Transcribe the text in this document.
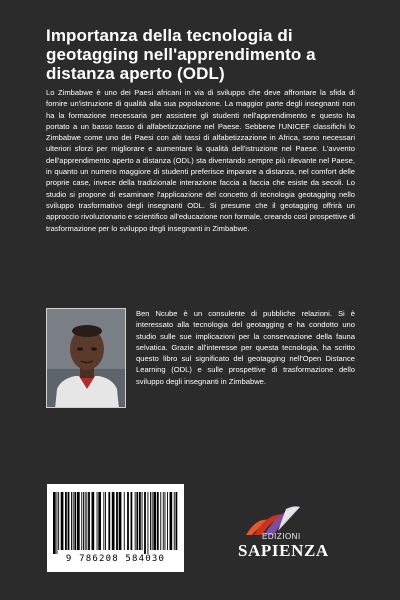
Importanza della tecnologia di geotagging nell'apprendimento a distanza aperto (ODL)

Lo Zimbabwe è uno dei Paesi africani in via di sviluppo che deve affrontare la sfida di fornire un'istruzione di qualità alla sua popolazione. La maggior parte degli insegnanti non ha la formazione necessaria per assistere gli studenti nell'apprendimento e questo ha portato a un basso tasso di alfabetizzazione nel Paese. Sebbene l'UNICEF classifichi lo Zimbabwe come uno dei Paesi con alti tassi di alfabetizzazione in Africa, sono necessari ulteriori sforzi per migliorare e aumentare la qualità dell'istruzione nel Paese. L'avvento dell'apprendimento aperto a distanza (ODL) sta diventando sempre più rilevante nel Paese, in quanto un numero maggiore di studenti preferisce imparare a distanza, nel comfort delle proprie case, invece della tradizionale interazione faccia a faccia che esiste da secoli. Lo studio si propone di esaminare l'applicazione del concetto di tecnologia geotagging nello sviluppo trasformativo degli insegnanti ODL. Si presume che il geotagging offrirà un approccio rivoluzionario e scientifico all'educazione non formale, creando così prospettive di trasformazione per lo sviluppo degli insegnanti in Zimbabwe.

Ben Ncube è un consulente di pubbliche relazioni. Si è interessato alla tecnologia del geotagging e ha condotto uno studio sulle sue implicazioni per la conservazione della fauna selvatica. Grazie all'interesse per questa tecnologia, ha scritto questo libro sul significato del geotagging nell'Open Distance Learning (ODL) e sulle prospettive di trasformazione dello sviluppo degli insegnanti in Zimbabwe.

9 786208 584030
EDIZIONI
SAPIENZA
